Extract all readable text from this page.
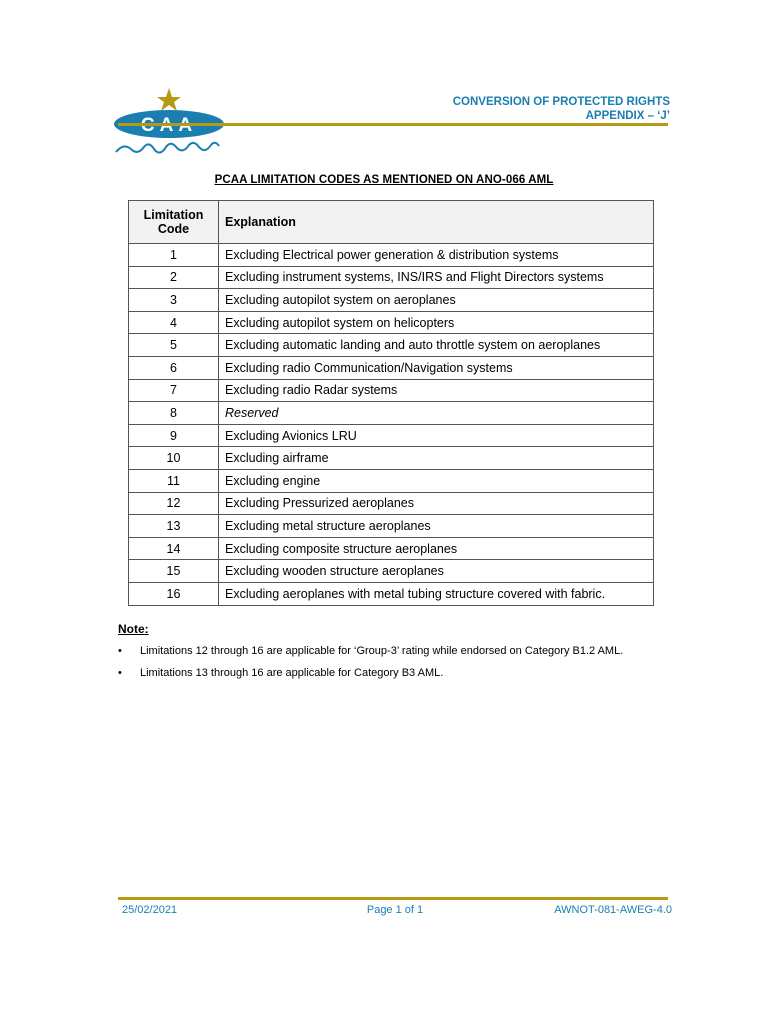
CONVERSION OF PROTECTED RIGHTS
APPENDIX – ‘J’
PCAA LIMITATION CODES AS MENTIONED ON ANO-066 AML
Limitation Code	Explanation
1	Excluding Electrical power generation & distribution systems
2	Excluding instrument systems, INS/IRS and Flight Directors systems
3	Excluding autopilot system on aeroplanes
4	Excluding autopilot system on helicopters
5	Excluding automatic landing and auto throttle system on aeroplanes
6	Excluding radio Communication/Navigation systems
7	Excluding radio Radar systems
8	Reserved
9	Excluding Avionics LRU
10	Excluding airframe
11	Excluding engine
12	Excluding Pressurized aeroplanes
13	Excluding metal structure aeroplanes
14	Excluding composite structure aeroplanes
15	Excluding wooden structure aeroplanes
16	Excluding aeroplanes with metal tubing structure covered with fabric.
Note:
• Limitations 12 through 16 are applicable for ‘Group-3’ rating while endorsed on Category B1.2 AML.
• Limitations 13 through 16 are applicable for Category B3 AML.
25/02/2021	Page 1 of 1	AWNOT-081-AWEG-4.0
